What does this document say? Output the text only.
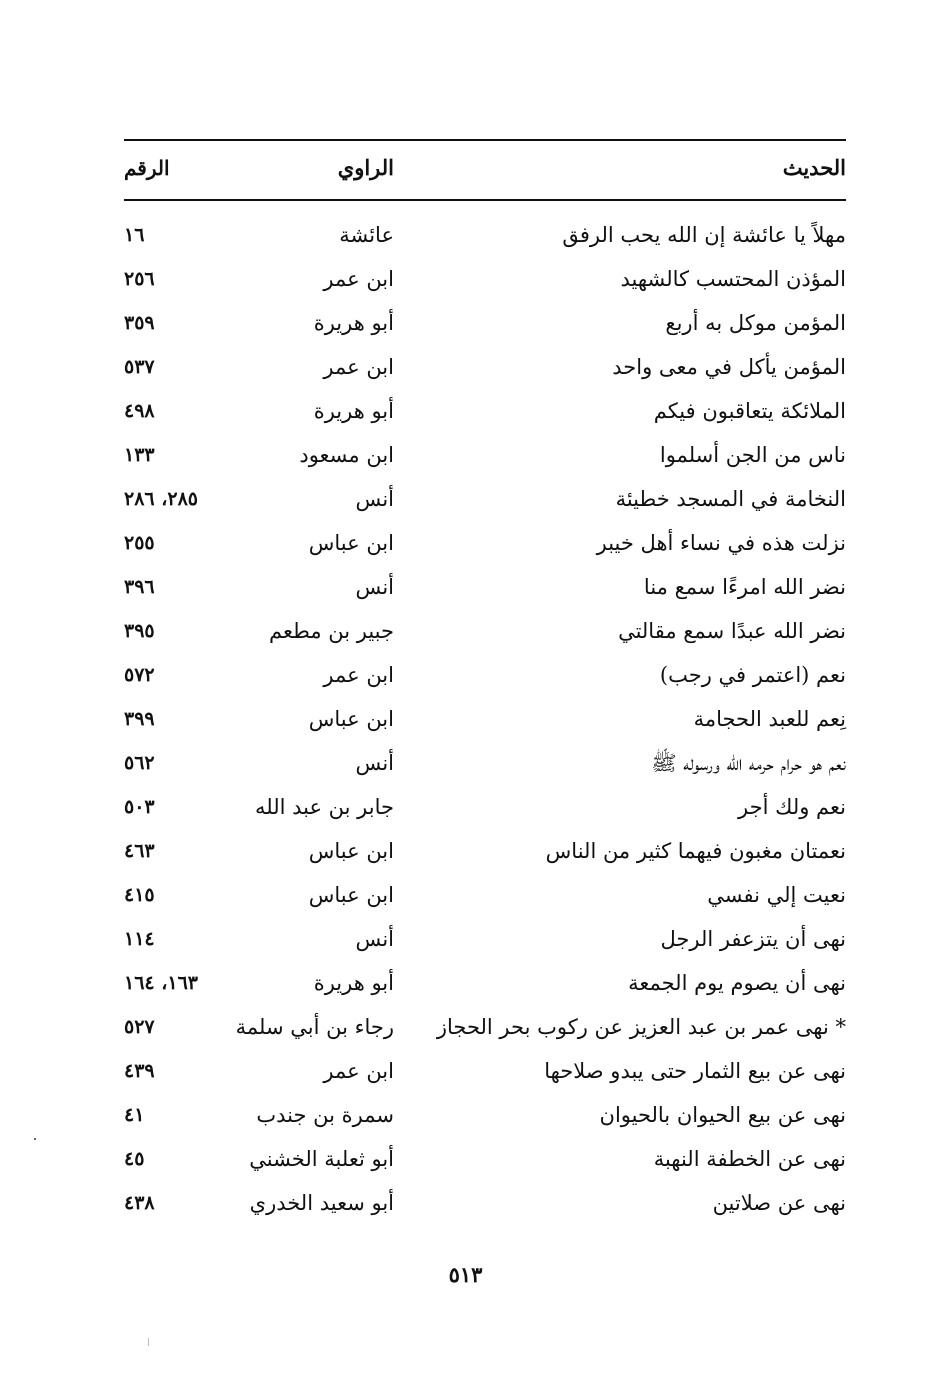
الحديث
الراوي
الرقم
مهلاً يا عائشة إن الله يحب الرفق
عائشة
١٦
المؤذن المحتسب كالشهيد
ابن عمر
٢٥٦
المؤمن موكل به أربع
أبو هريرة
٣٥٩
المؤمن يأكل في معى واحد
ابن عمر
٥٣٧
الملائكة يتعاقبون فيكم
أبو هريرة
٤٩٨
ناس من الجن أسلموا
ابن مسعود
١٣٣
النخامة في المسجد خطيئة
أنس
٢٨٥، ٢٨٦
نزلت هذه في نساء أهل خيبر
ابن عباس
٢٥٥
نضر الله امرءًا سمع منا
أنس
٣٩٦
نضر الله عبدًا سمع مقالتي
جبير بن مطعم
٣٩٥
نعم (اعتمر في رجب)
ابن عمر
٥٧٢
نِعم للعبد الحجامة
ابن عباس
٣٩٩
نعم هو حرام حرمه الله ورسوله ﷺ
أنس
٥٦٢
نعم ولك أجر
جابر بن عبد الله
٥٠٣
نعمتان مغبون فيهما كثير من الناس
ابن عباس
٤٦٣
نعيت إلي نفسي
ابن عباس
٤١٥
نهى أن يتزعفر الرجل
أنس
١١٤
نهى أن يصوم يوم الجمعة
أبو هريرة
١٦٣، ١٦٤
* نهى عمر بن عبد العزيز عن ركوب بحر الحجاز
رجاء بن أبي سلمة
٥٢٧
نهى عن بيع الثمار حتى يبدو صلاحها
ابن عمر
٤٣٩
نهى عن بيع الحيوان بالحيوان
سمرة بن جندب
٤١
نهى عن الخطفة النهبة
أبو ثعلبة الخشني
٤٥
نهى عن صلاتين
أبو سعيد الخدري
٤٣٨
٥١٣
